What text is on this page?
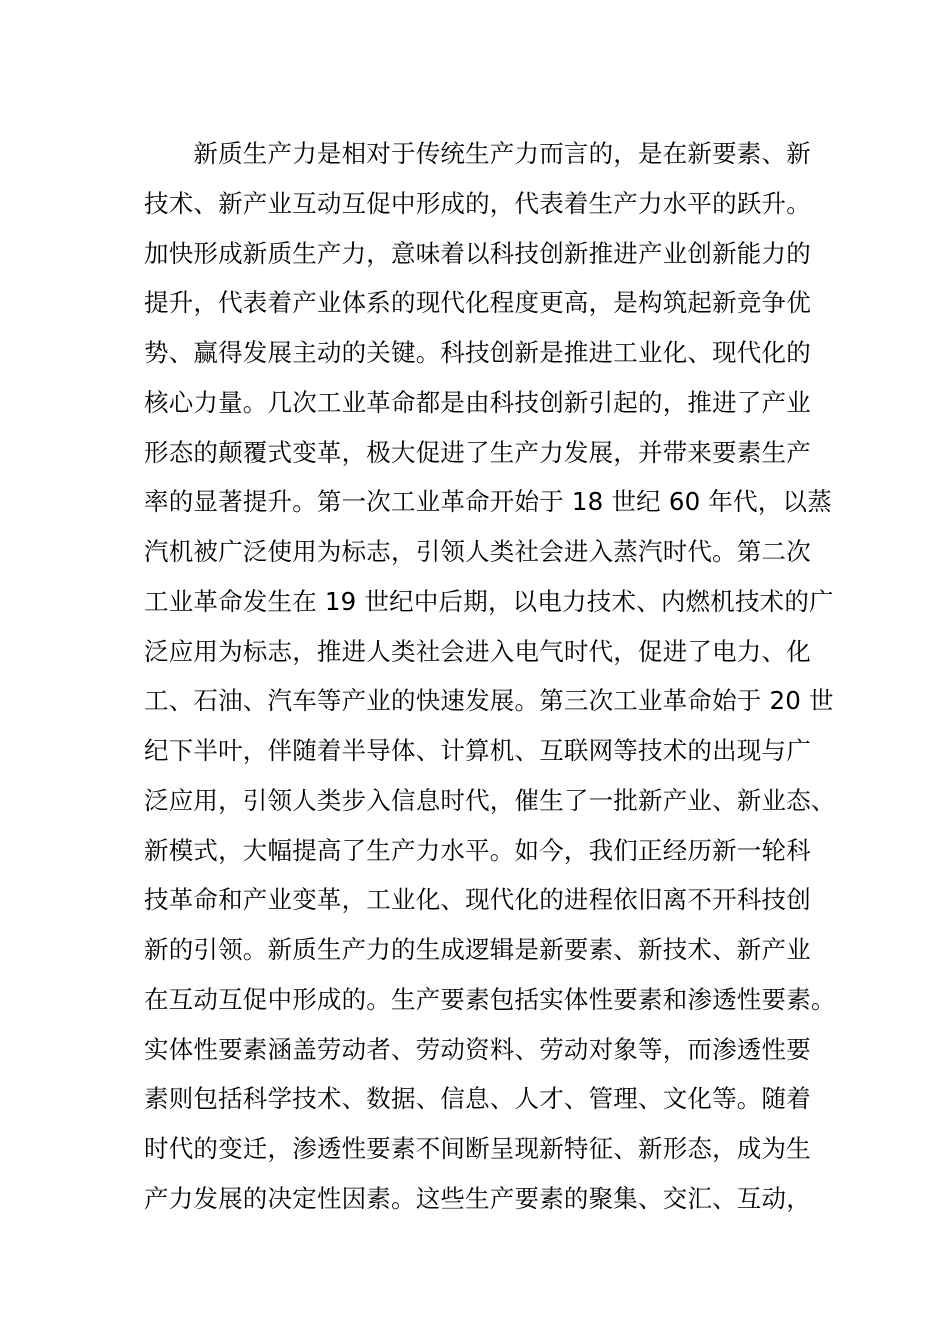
　　新质生产力是相对于传统生产力而言的，是在新要素、新
技术、新产业互动互促中形成的，代表着生产力水平的跃升。
加快形成新质生产力，意味着以科技创新推进产业创新能力的
提升，代表着产业体系的现代化程度更高，是构筑起新竞争优
势、赢得发展主动的关键。科技创新是推进工业化、现代化的
核心力量。几次工业革命都是由科技创新引起的，推进了产业
形态的颠覆式变革，极大促进了生产力发展，并带来要素生产
率的显著提升。第一次工业革命开始于 18 世纪 60 年代，以蒸
汽机被广泛使用为标志，引领人类社会进入蒸汽时代。第二次
工业革命发生在 19 世纪中后期，以电力技术、内燃机技术的广
泛应用为标志，推进人类社会进入电气时代，促进了电力、化
工、石油、汽车等产业的快速发展。第三次工业革命始于 20 世
纪下半叶，伴随着半导体、计算机、互联网等技术的出现与广
泛应用，引领人类步入信息时代，催生了一批新产业、新业态、
新模式，大幅提高了生产力水平。如今，我们正经历新一轮科
技革命和产业变革，工业化、现代化的进程依旧离不开科技创
新的引领。新质生产力的生成逻辑是新要素、新技术、新产业
在互动互促中形成的。生产要素包括实体性要素和渗透性要素。
实体性要素涵盖劳动者、劳动资料、劳动对象等，而渗透性要
素则包括科学技术、数据、信息、人才、管理、文化等。随着
时代的变迁，渗透性要素不间断呈现新特征、新形态，成为生
产力发展的决定性因素。这些生产要素的聚集、交汇、互动，
